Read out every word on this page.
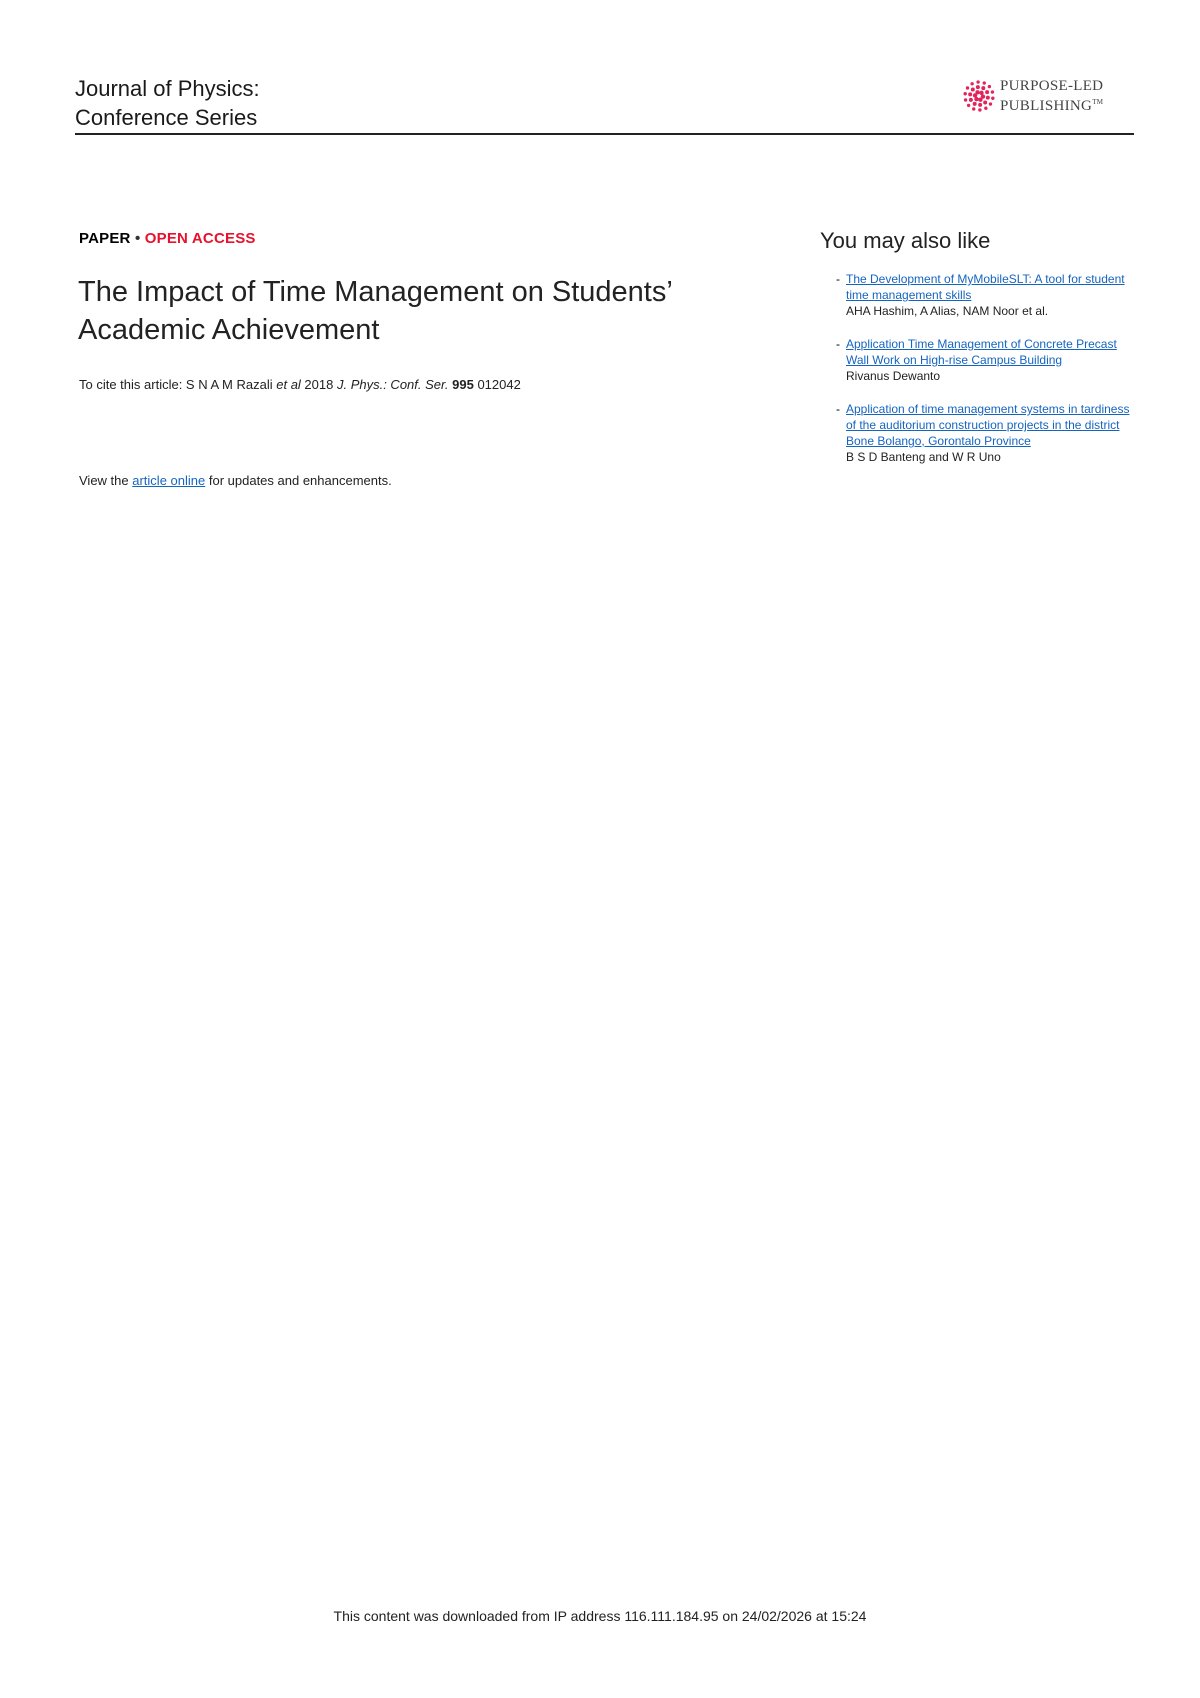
Journal of Physics:
Conference Series
PURPOSE-LED
PUBLISHING™
PAPER • OPEN ACCESS
The Impact of Time Management on Students’ Academic Achievement
To cite this article: S N A M Razali et al 2018 J. Phys.: Conf. Ser. 995 012042
View the article online for updates and enhancements.
You may also like
- The Development of MyMobileSLT: A tool for student time management skills
AHA Hashim, A Alias, NAM Noor et al.
- Application Time Management of Concrete Precast Wall Work on High-rise Campus Building
Rivanus Dewanto
- Application of time management systems in tardiness of the auditorium construction projects in the district Bone Bolango, Gorontalo Province
B S D Banteng and W R Uno
This content was downloaded from IP address 116.111.184.95 on 24/02/2026 at 15:24
